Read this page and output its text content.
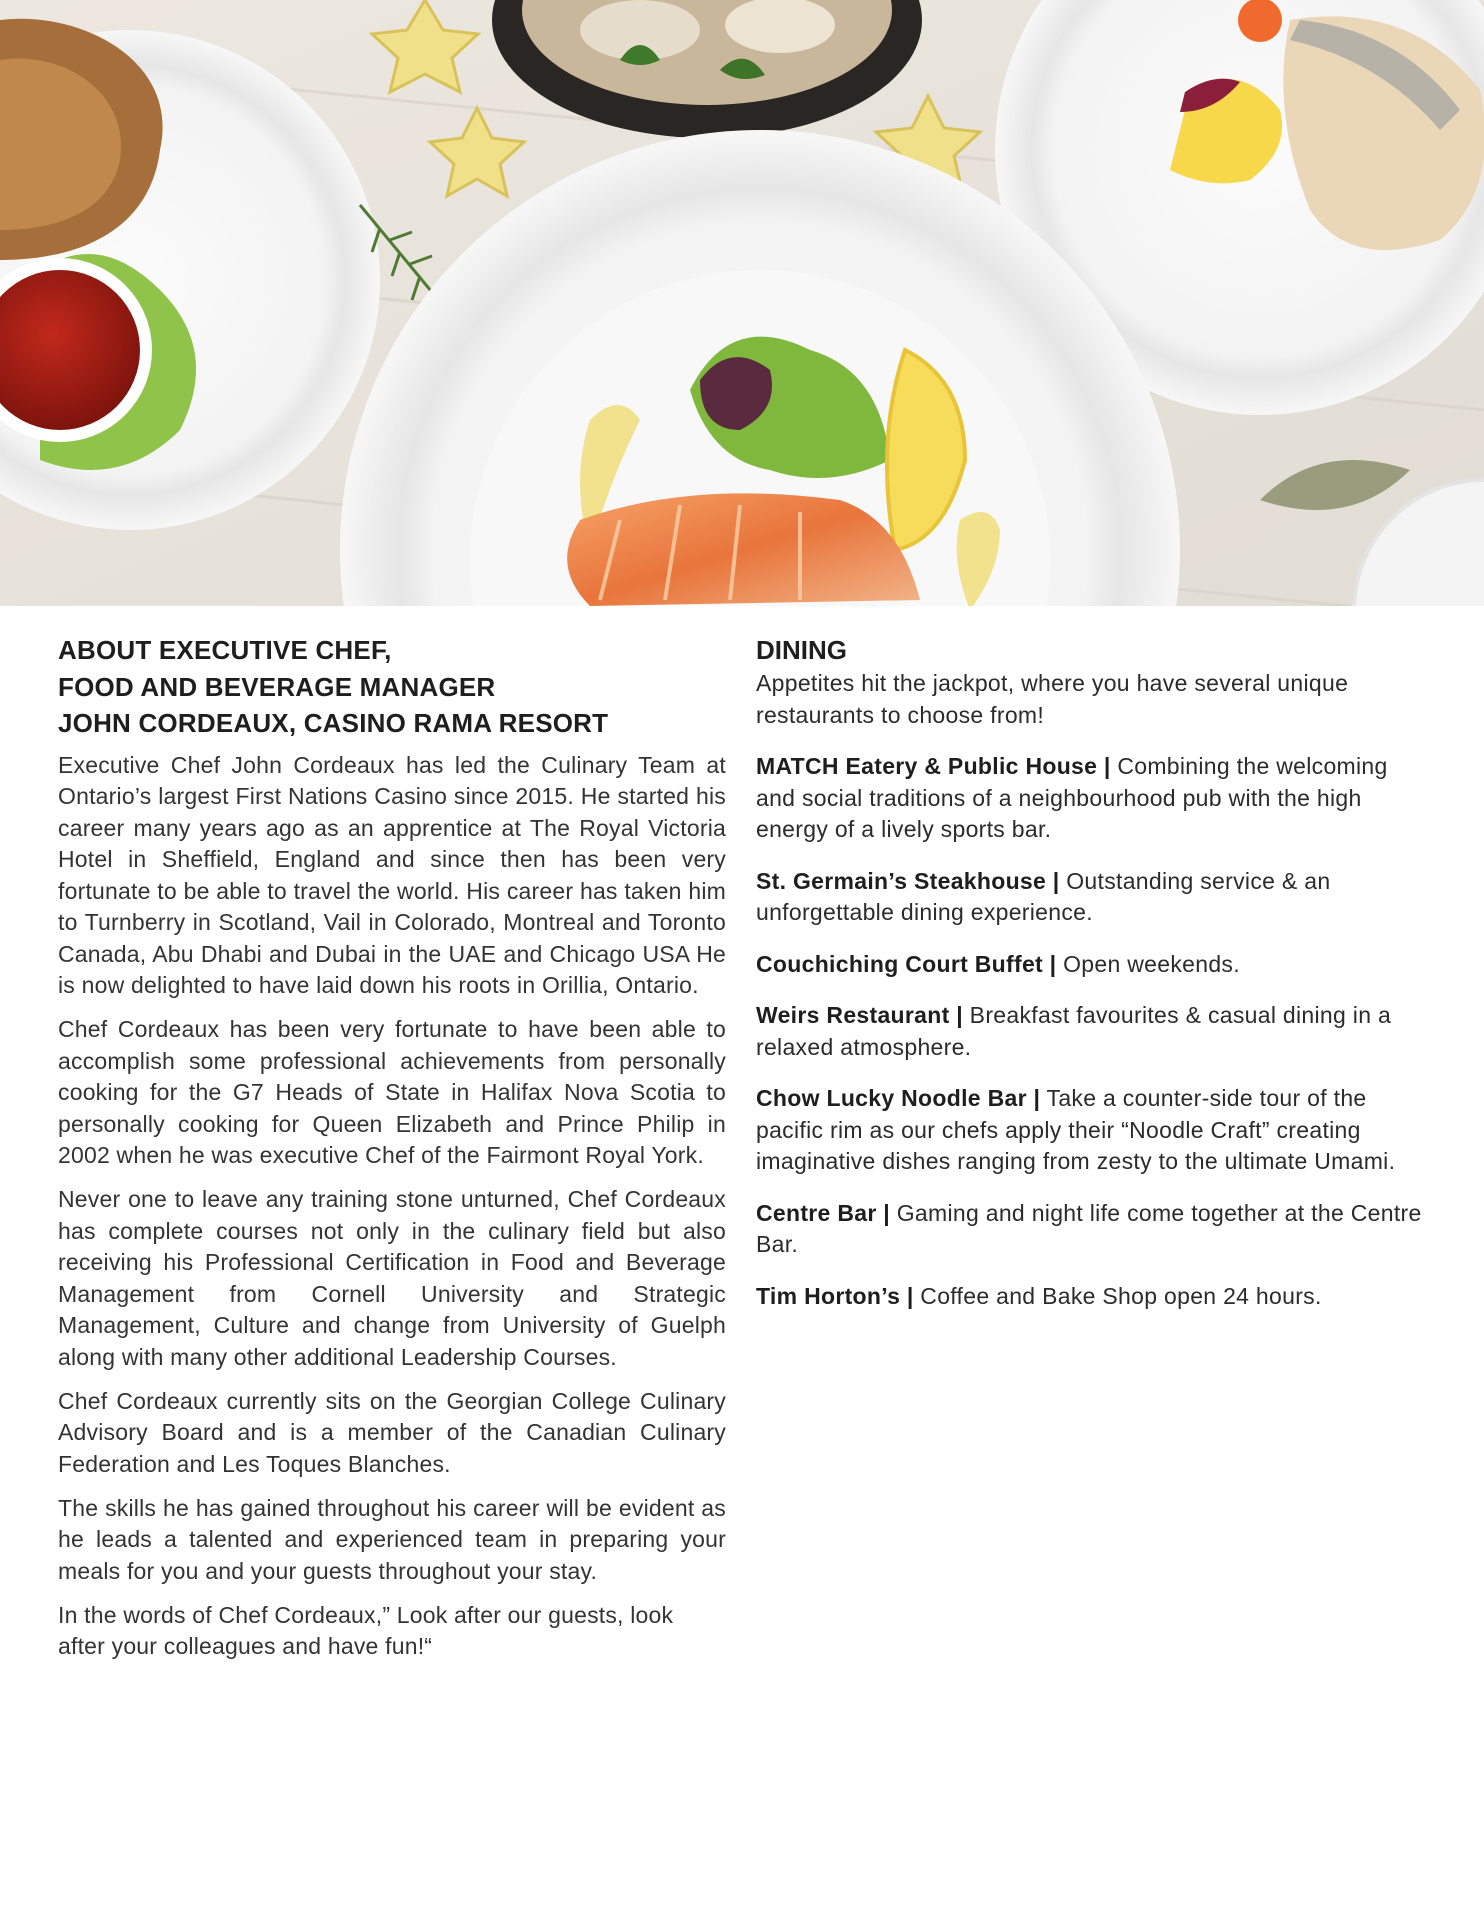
ABOUT EXECUTIVE CHEF,
FOOD AND BEVERAGE MANAGER
JOHN CORDEAUX, CASINO RAMA RESORT

Executive Chef John Cordeaux has led the Culinary Team at Ontario’s largest First Nations Casino since 2015. He started his career many years ago as an apprentice at The Royal Victoria Hotel in Sheffield, England and since then has been very fortunate to be able to travel the world. His career has taken him to Turnberry in Scotland, Vail in Colorado, Montreal and Toronto Canada, Abu Dhabi and Dubai in the UAE and Chicago USA He is now delighted to have laid down his roots in Orillia, Ontario.

Chef Cordeaux has been very fortunate to have been able to accomplish some professional achievements from personally cooking for the G7 Heads of State in Halifax Nova Scotia to personally cooking for Queen Elizabeth and Prince Philip in 2002 when he was executive Chef of the Fairmont Royal York.

Never one to leave any training stone unturned, Chef Cordeaux has complete courses not only in the culinary field but also receiving his Professional Certification in Food and Beverage Management from Cornell University and Strategic Management, Culture and change from University of Guelph along with many other additional Leadership Courses.

Chef Cordeaux currently sits on the Georgian College Culinary Advisory Board and is a member of the Canadian Culinary Federation and Les Toques Blanches.

The skills he has gained throughout his career will be evident as he leads a talented and experienced team in preparing your meals for you and your guests throughout your stay.

In the words of Chef Cordeaux,” Look after our guests, look after your colleagues and have fun!“

DINING

Appetites hit the jackpot, where you have several unique restaurants to choose from!

MATCH Eatery & Public House | Combining the welcoming and social traditions of a neighbourhood pub with the high energy of a lively sports bar.

St. Germain’s Steakhouse | Outstanding service & an unforgettable dining experience.

Couchiching Court Buffet | Open weekends.

Weirs Restaurant | Breakfast favourites & casual dining in a relaxed atmosphere.

Chow Lucky Noodle Bar | Take a counter-side tour of the pacific rim as our chefs apply their “Noodle Craft” creating imaginative dishes ranging from zesty to the ultimate Umami.

Centre Bar | Gaming and night life come together at the Centre Bar.

Tim Horton’s | Coffee and Bake Shop open 24 hours.
